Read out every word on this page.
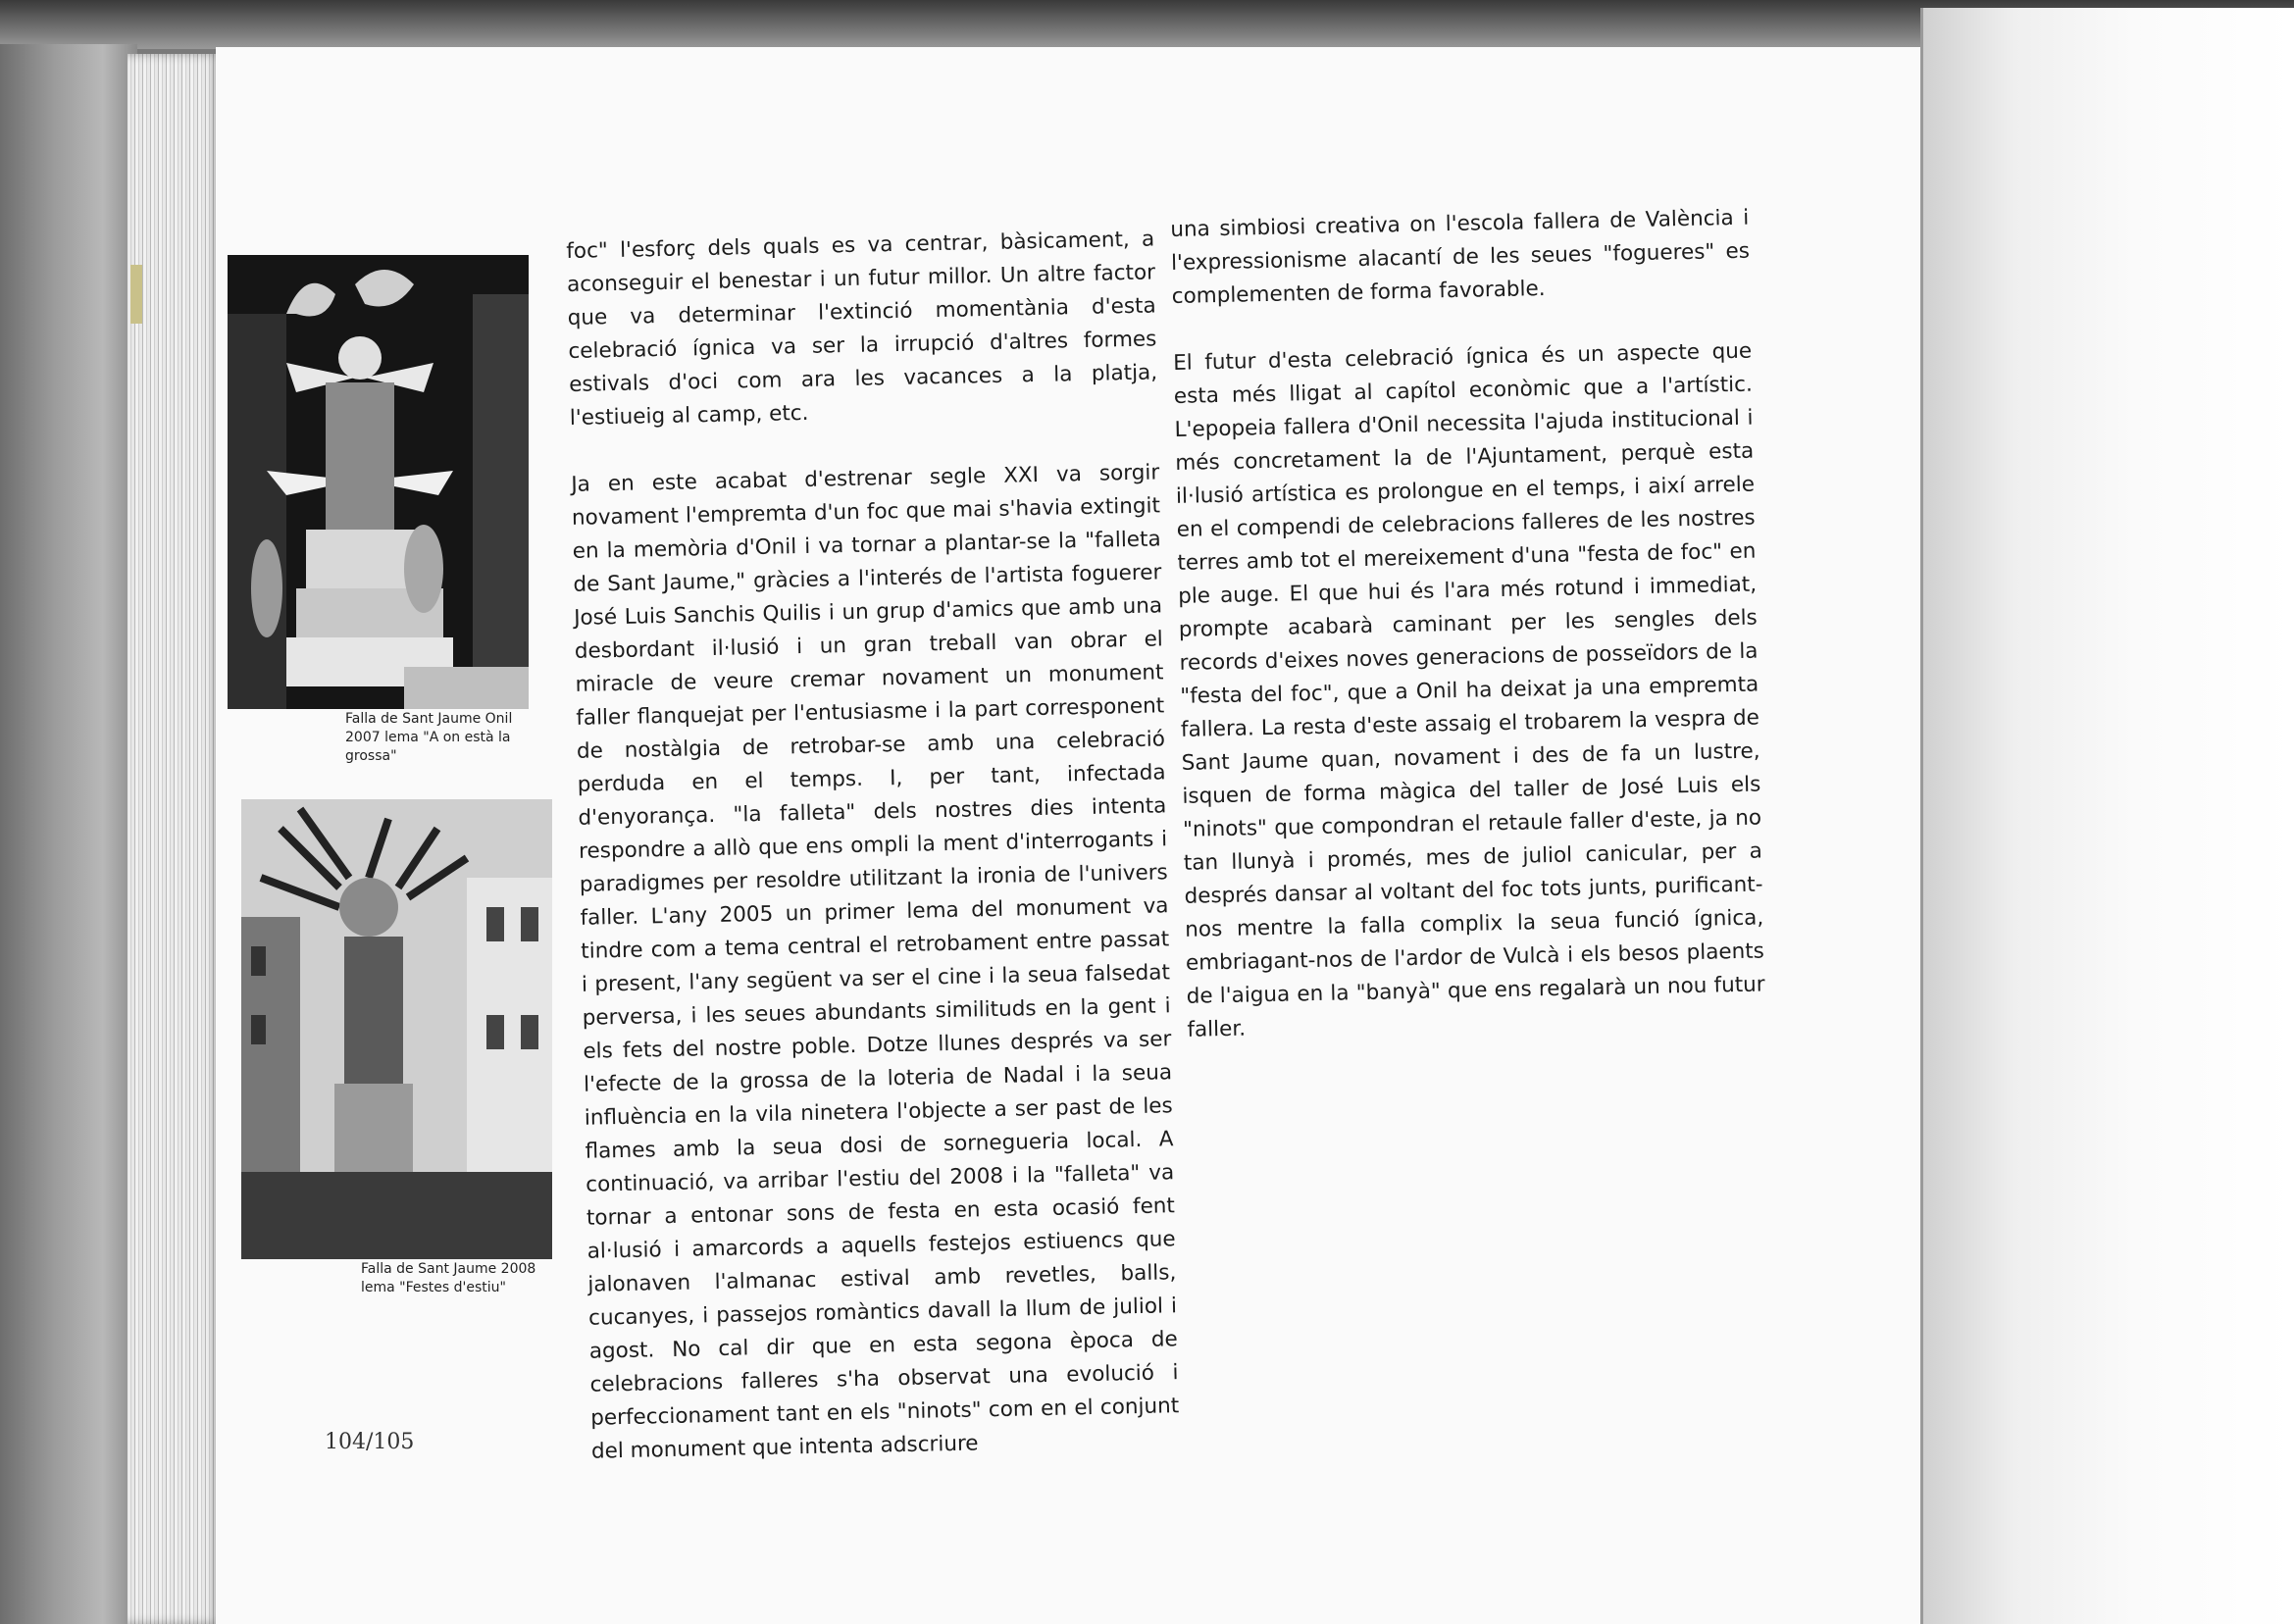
Falla de Sant Jaume Onil 2007 lema "A on està la grossa"
Falla de Sant Jaume 2008 lema "Festes d'estiu"

foc" l'esforç dels quals es va centrar, bàsicament, a aconseguir el benestar i un futur millor. Un altre factor que va determinar l'extinció momentània d'esta celebració ígnica va ser la irrupció d'altres formes estivals d'oci com ara les vacances a la platja, l'estiueig al camp, etc.

Ja en este acabat d'estrenar segle XXI va sorgir novament l'empremta d'un foc que mai s'havia extingit en la memòria d'Onil i va tornar a plantar-se la "falleta de Sant Jaume," gràcies a l'interés de l'artista foguerer José Luis Sanchis Quilis i un grup d'amics que amb una desbordant il·lusió i un gran treball van obrar el miracle de veure cremar novament un monument faller flanquejat per l'entusiasme i la part corresponent de nostàlgia de retrobar-se amb una celebració perduda en el temps. I, per tant, infectada d'enyorança. "la falleta" dels nostres dies intenta respondre a allò que ens ompli la ment d'interrogants i paradigmes per resoldre utilitzant la ironia de l'univers faller. L'any 2005 un primer lema del monument va tindre com a tema central el retrobament entre passat i present, l'any següent va ser el cine i la seua falsedat perversa, i les seues abundants similituds en la gent i els fets del nostre poble. Dotze llunes després va ser l'efecte de la grossa de la loteria de Nadal i la seua influència en la vila ninetera l'objecte a ser past de les flames amb la seua dosi de sornegueria local. A continuació, va arribar l'estiu del 2008 i la "falleta" va tornar a entonar sons de festa en esta ocasió fent al·lusió i amarcords a aquells festejos estiuencs que jalonaven l'almanac estival amb revetles, balls, cucanyes, i passejos romàntics davall la llum de juliol i agost. No cal dir que en esta segona època de celebracions falleres s'ha observat una evolució i perfeccionament tant en els "ninots" com en el conjunt del monument que intenta adscriure

una simbiosi creativa on l'escola fallera de València i l'expressionisme alacantí de les seues "fogueres" es complementen de forma favorable.

El futur d'esta celebració ígnica és un aspecte que esta més lligat al capítol econòmic que a l'artístic. L'epopeia fallera d'Onil necessita l'ajuda institucional i més concretament la de l'Ajuntament, perquè esta il·lusió artística es prolongue en el temps, i així arrele en el compendi de celebracions falleres de les nostres terres amb tot el mereixement d'una "festa de foc" en ple auge. El que hui és l'ara més rotund i immediat, prompte acabarà caminant per les sengles dels records d'eixes noves generacions de posseïdors de la "festa del foc", que a Onil ha deixat ja una empremta fallera. La resta d'este assaig el trobarem la vespra de Sant Jaume quan, novament i des de fa un lustre, isquen de forma màgica del taller de José Luis els "ninots" que compondran el retaule faller d'este, ja no tan llunyà i promés, mes de juliol canicular, per a després dansar al voltant del foc tots junts, purificant-nos mentre la falla complix la seua funció ígnica, embriagant-nos de l'ardor de Vulcà i els besos plaents de l'aigua en la "banyà" que ens regalarà un nou futur faller.

104/105
